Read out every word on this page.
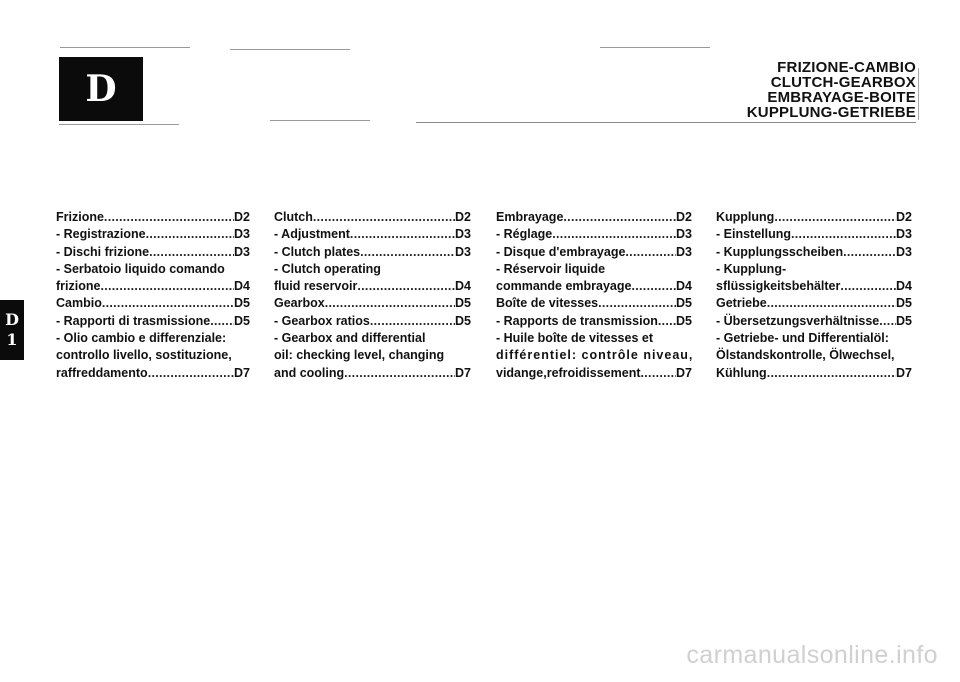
D
FRIZIONE-CAMBIO
CLUTCH-GEARBOX
EMBRAYAGE-BOITE
KUPPLUNG-GETRIEBE
D
1
Frizione .....	D2
- Registrazione .....	D3
- Dischi frizione .....	D3
- Serbatoio liquido comando
frizione .....	D4
Cambio .....	D5
- Rapporti di trasmissione ..... D5
- Olio cambio e differenziale:
controllo livello, sostituzione,
raffreddamento .....	D7
Clutch .....	D2
- Adjustment .....	D3
- Clutch plates .....	D3
- Clutch operating
fluid reservoir .....	D4
Gearbox .....	D5
- Gearbox ratios .....	D5
- Gearbox and differential
oil: checking level, changing
and cooling .....	D7
Embrayage .....	D2
- Réglage .....	D3
- Disque d'embrayage .....	D3
- Réservoir liquide
commande embrayage .....	D4
Boîte de vitesses .....	D5
- Rapports de transmission ..... D5
- Huile boîte de vitesses et
différentiel: contrôle niveau,
vidange,refroidissement .....	D7
Kupplung .....	D2
- Einstellung .....	D3
- Kupplungsscheiben .....	D3
- Kupplung-
sflüssigkeitsbehälter .....	D4
Getriebe .....	D5
- Übersetzungsverhältnisse ..... D5
- Getriebe- und Differentialöl:
Ölstandskontrolle, Ölwechsel,
Kühlung .....	D7
carmanualsonline.info
